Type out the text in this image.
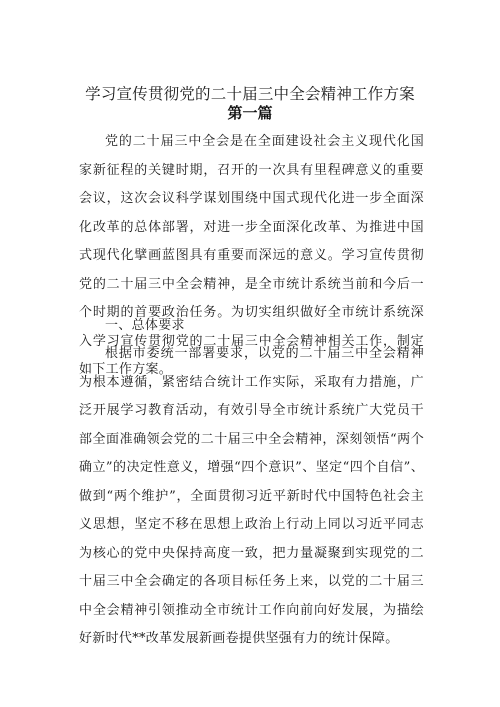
学习宣传贯彻党的二十届三中全会精神工作方案
第一篇

党的二十届三中全会是在全面建设社会主义现代化国家新征程的关键时期，召开的一次具有里程碑意义的重要会议，这次会议科学谋划围绕中国式现代化进一步全面深化改革的总体部署，对进一步全面深化改革、为推进中国式现代化擘画蓝图具有重要而深远的意义。学习宣传贯彻党的二十届三中全会精神，是全市统计系统当前和今后一个时期的首要政治任务。为切实组织做好全市统计系统深入学习宣传贯彻党的二十届三中全会精神相关工作，制定如下工作方案。

一、总体要求

根据市委统一部署要求，以党的二十届三中全会精神为根本遵循，紧密结合统计工作实际，采取有力措施，广泛开展学习教育活动，有效引导全市统计系统广大党员干部全面准确领会党的二十届三中全会精神，深刻领悟“两个确立”的决定性意义，增强“四个意识”、坚定“四个自信”、做到“两个维护”，全面贯彻习近平新时代中国特色社会主义思想，坚定不移在思想上政治上行动上同以习近平同志为核心的党中央保持高度一致，把力量凝聚到实现党的二十届三中全会确定的各项目标任务上来，以党的二十届三中全会精神引领推动全市统计工作向前向好发展，为描绘好新时代**改革发展新画卷提供坚强有力的统计保障。
